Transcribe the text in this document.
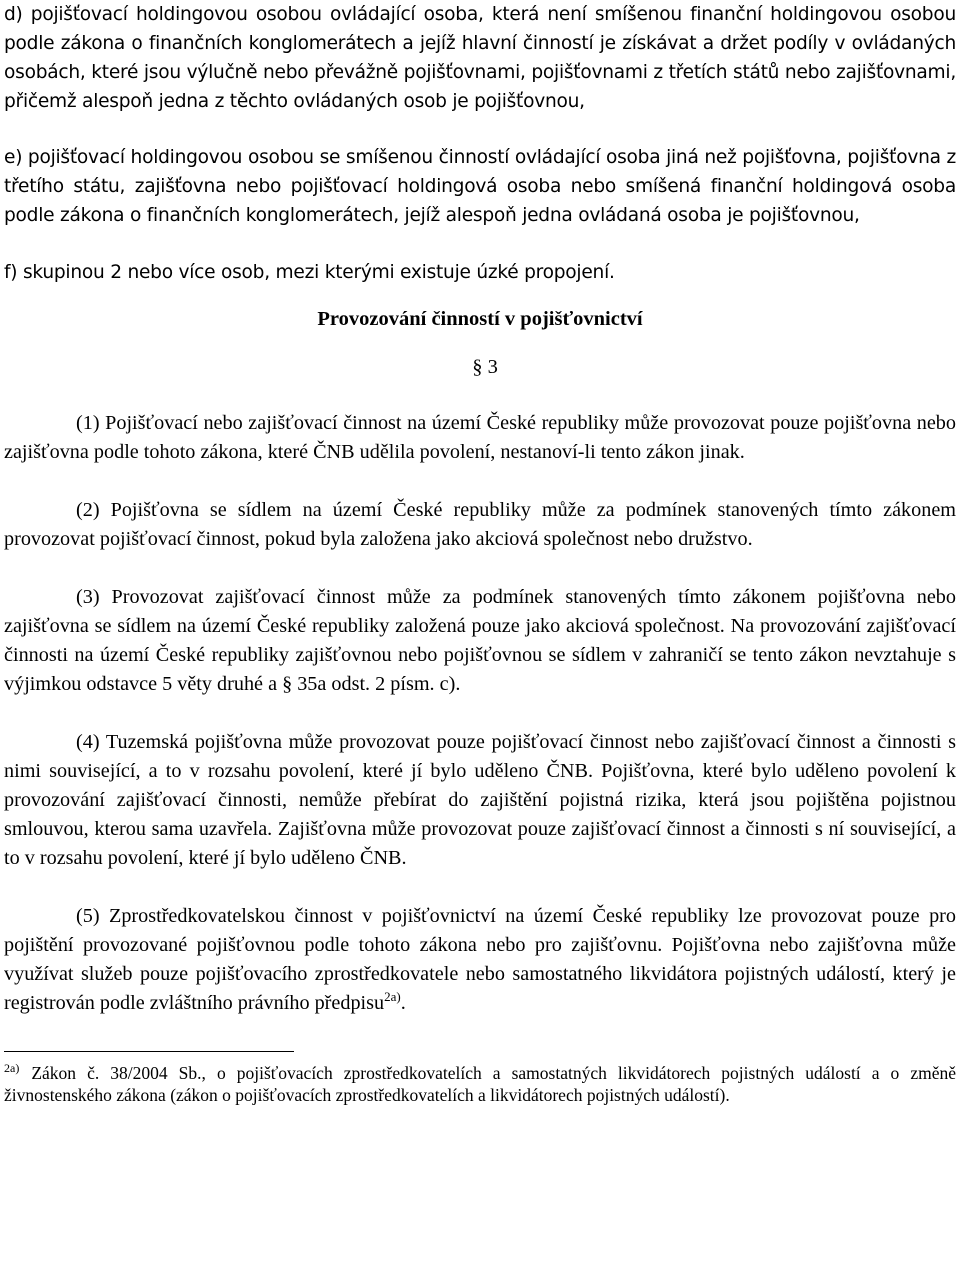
d) pojišťovací holdingovou osobou ovládající osoba, která není smíšenou finanční holdingovou osobou podle zákona o finančních konglomerátech a jejíž hlavní činností je získávat a držet podíly v ovládaných osobách, které jsou výlučně nebo převážně pojišťovnami, pojišťovnami z třetích států nebo zajišťovnami, přičemž alespoň jedna z těchto ovládaných osob je pojišťovnou,

e) pojišťovací holdingovou osobou se smíšenou činností ovládající osoba jiná než pojišťovna, pojišťovna z třetího státu, zajišťovna nebo pojišťovací holdingová osoba nebo smíšená finanční holdingová osoba podle zákona o finančních konglomerátech, jejíž alespoň jedna ovládaná osoba je pojišťovnou,

f) skupinou 2 nebo více osob, mezi kterými existuje úzké propojení.

Provozování činností v pojišťovnictví
§ 3

(1) Pojišťovací nebo zajišťovací činnost na území České republiky může provozovat pouze pojišťovna nebo zajišťovna podle tohoto zákona, které ČNB udělila povolení, nestanoví-li tento zákon jinak.

(2) Pojišťovna se sídlem na území České republiky může za podmínek stanovených tímto zákonem provozovat pojišťovací činnost, pokud byla založena jako akciová společnost nebo družstvo.

(3) Provozovat zajišťovací činnost může za podmínek stanovených tímto zákonem pojišťovna nebo zajišťovna se sídlem na území České republiky založená pouze jako akciová společnost. Na provozování zajišťovací činnosti na území České republiky zajišťovnou nebo pojišťovnou se sídlem v zahraničí se tento zákon nevztahuje s výjimkou odstavce 5 věty druhé a § 35a odst. 2 písm. c).

(4) Tuzemská pojišťovna může provozovat pouze pojišťovací činnost nebo zajišťovací činnost a činnosti s nimi související, a to v rozsahu povolení, které jí bylo uděleno ČNB. Pojišťovna, které bylo uděleno povolení k provozování zajišťovací činnosti, nemůže přebírat do zajištění pojistná rizika, která jsou pojištěna pojistnou smlouvou, kterou sama uzavřela. Zajišťovna může provozovat pouze zajišťovací činnost a činnosti s ní související, a to v rozsahu povolení, které jí bylo uděleno ČNB.

(5) Zprostředkovatelskou činnost v pojišťovnictví na území České republiky lze provozovat pouze pro pojištění provozované pojišťovnou podle tohoto zákona nebo pro zajišťovnu. Pojišťovna nebo zajišťovna může využívat služeb pouze pojišťovacího zprostředkovatele nebo samostatného likvidátora pojistných událostí, který je registrován podle zvláštního právního předpisu$^{2a)}$.

$^{2a)}$ Zákon č. 38/2004 Sb., o pojišťovacích zprostředkovatelích a samostatných likvidátorech pojistných událostí a o změně živnostenského zákona (zákon o pojišťovacích zprostředkovatelích a likvidátorech pojistných událostí).
